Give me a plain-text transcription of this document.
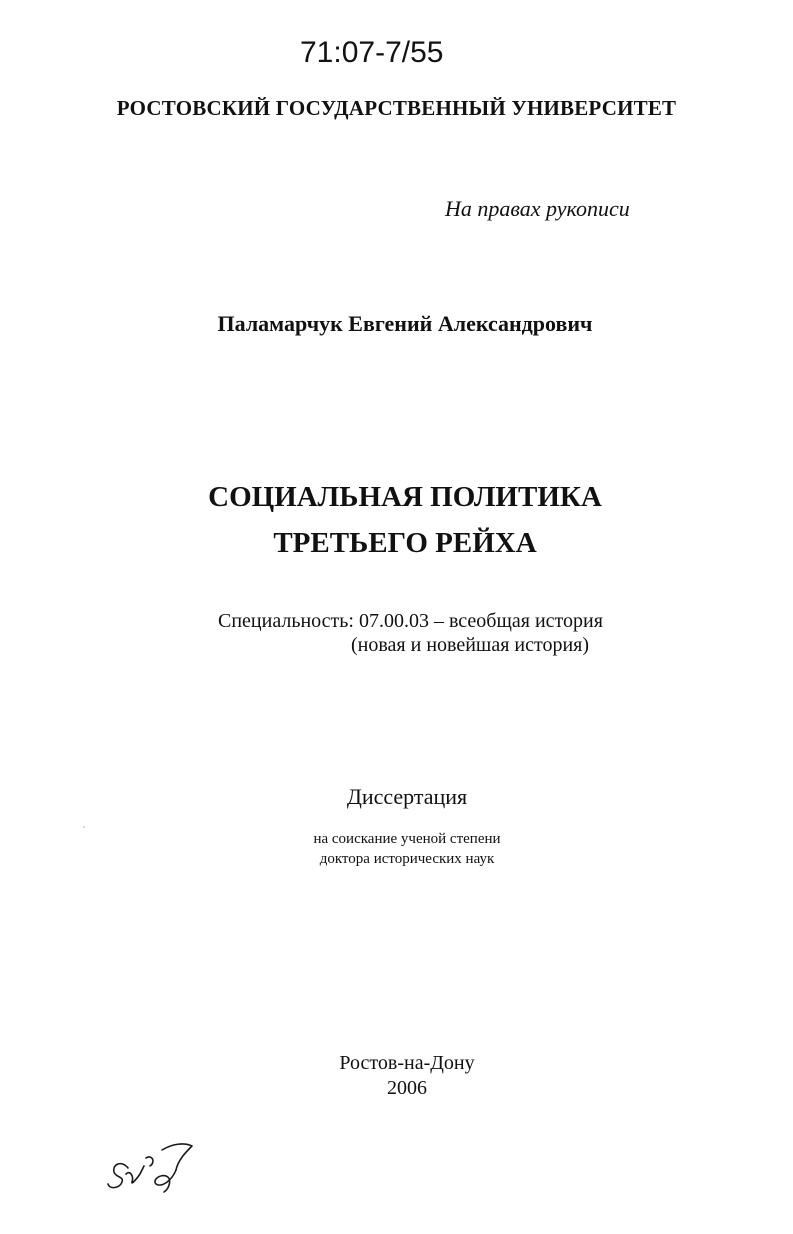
71:07-7/55
РОСТОВСКИЙ ГОСУДАРСТВЕННЫЙ УНИВЕРСИТЕТ
На правах рукописи
Паламарчук Евгений Александрович
СОЦИАЛЬНАЯ ПОЛИТИКА
ТРЕТЬЕГО РЕЙХА
Специальность: 07.00.03 – всеобщая история
(новая и новейшая история)
Диссертация
на соискание ученой степени
доктора исторических наук
Ростов-на-Дону
2006
